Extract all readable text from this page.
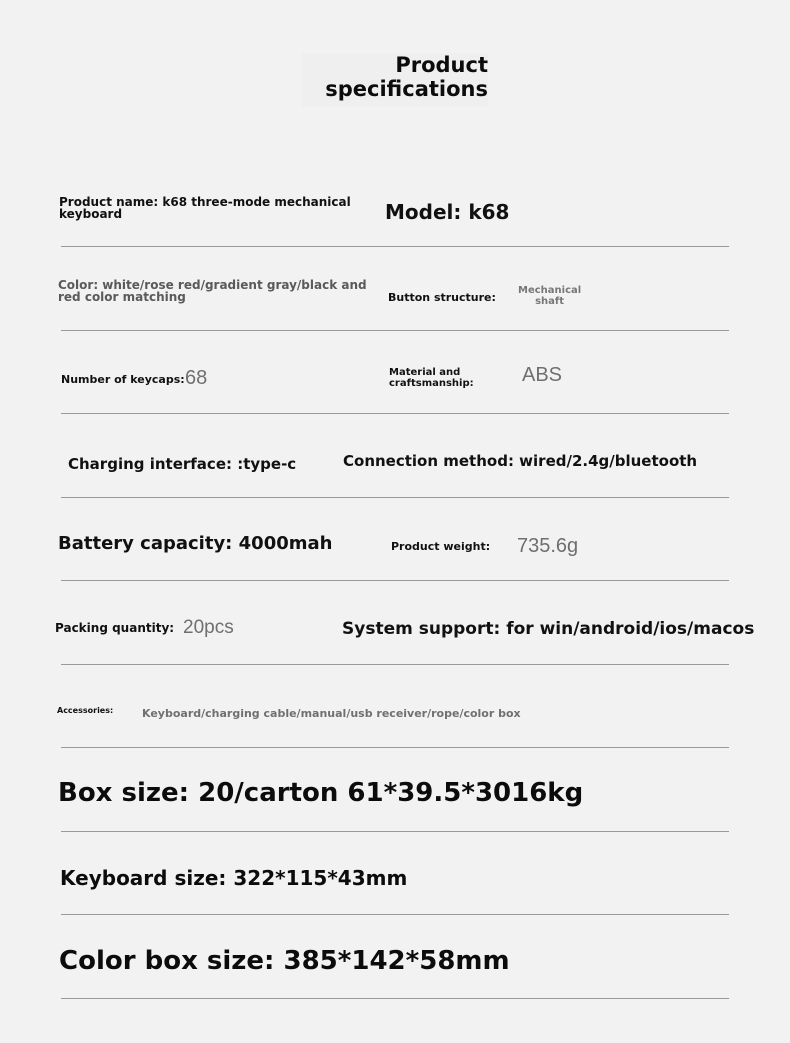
Product
specifications
Product name: k68 three-mode mechanical
keyboard	Model: k68
Color: white/rose red/gradient gray/black and
red color matching	Button structure:
Mechanical
shaft
Number of keycaps: 68	Material and
craftsmanship: ABS
Charging interface: :type-c	Connection method: wired/2.4g/bluetooth
Battery capacity: 4000mah	Product weight: 735.6g
Packing quantity: 20pcs	System support: for win/android/ios/macos
Accessories:	Keyboard/charging cable/manual/usb receiver/rope/color box
Box size: 20/carton 61*39.5*3016kg
Keyboard size: 322*115*43mm
Color box size: 385*142*58mm
